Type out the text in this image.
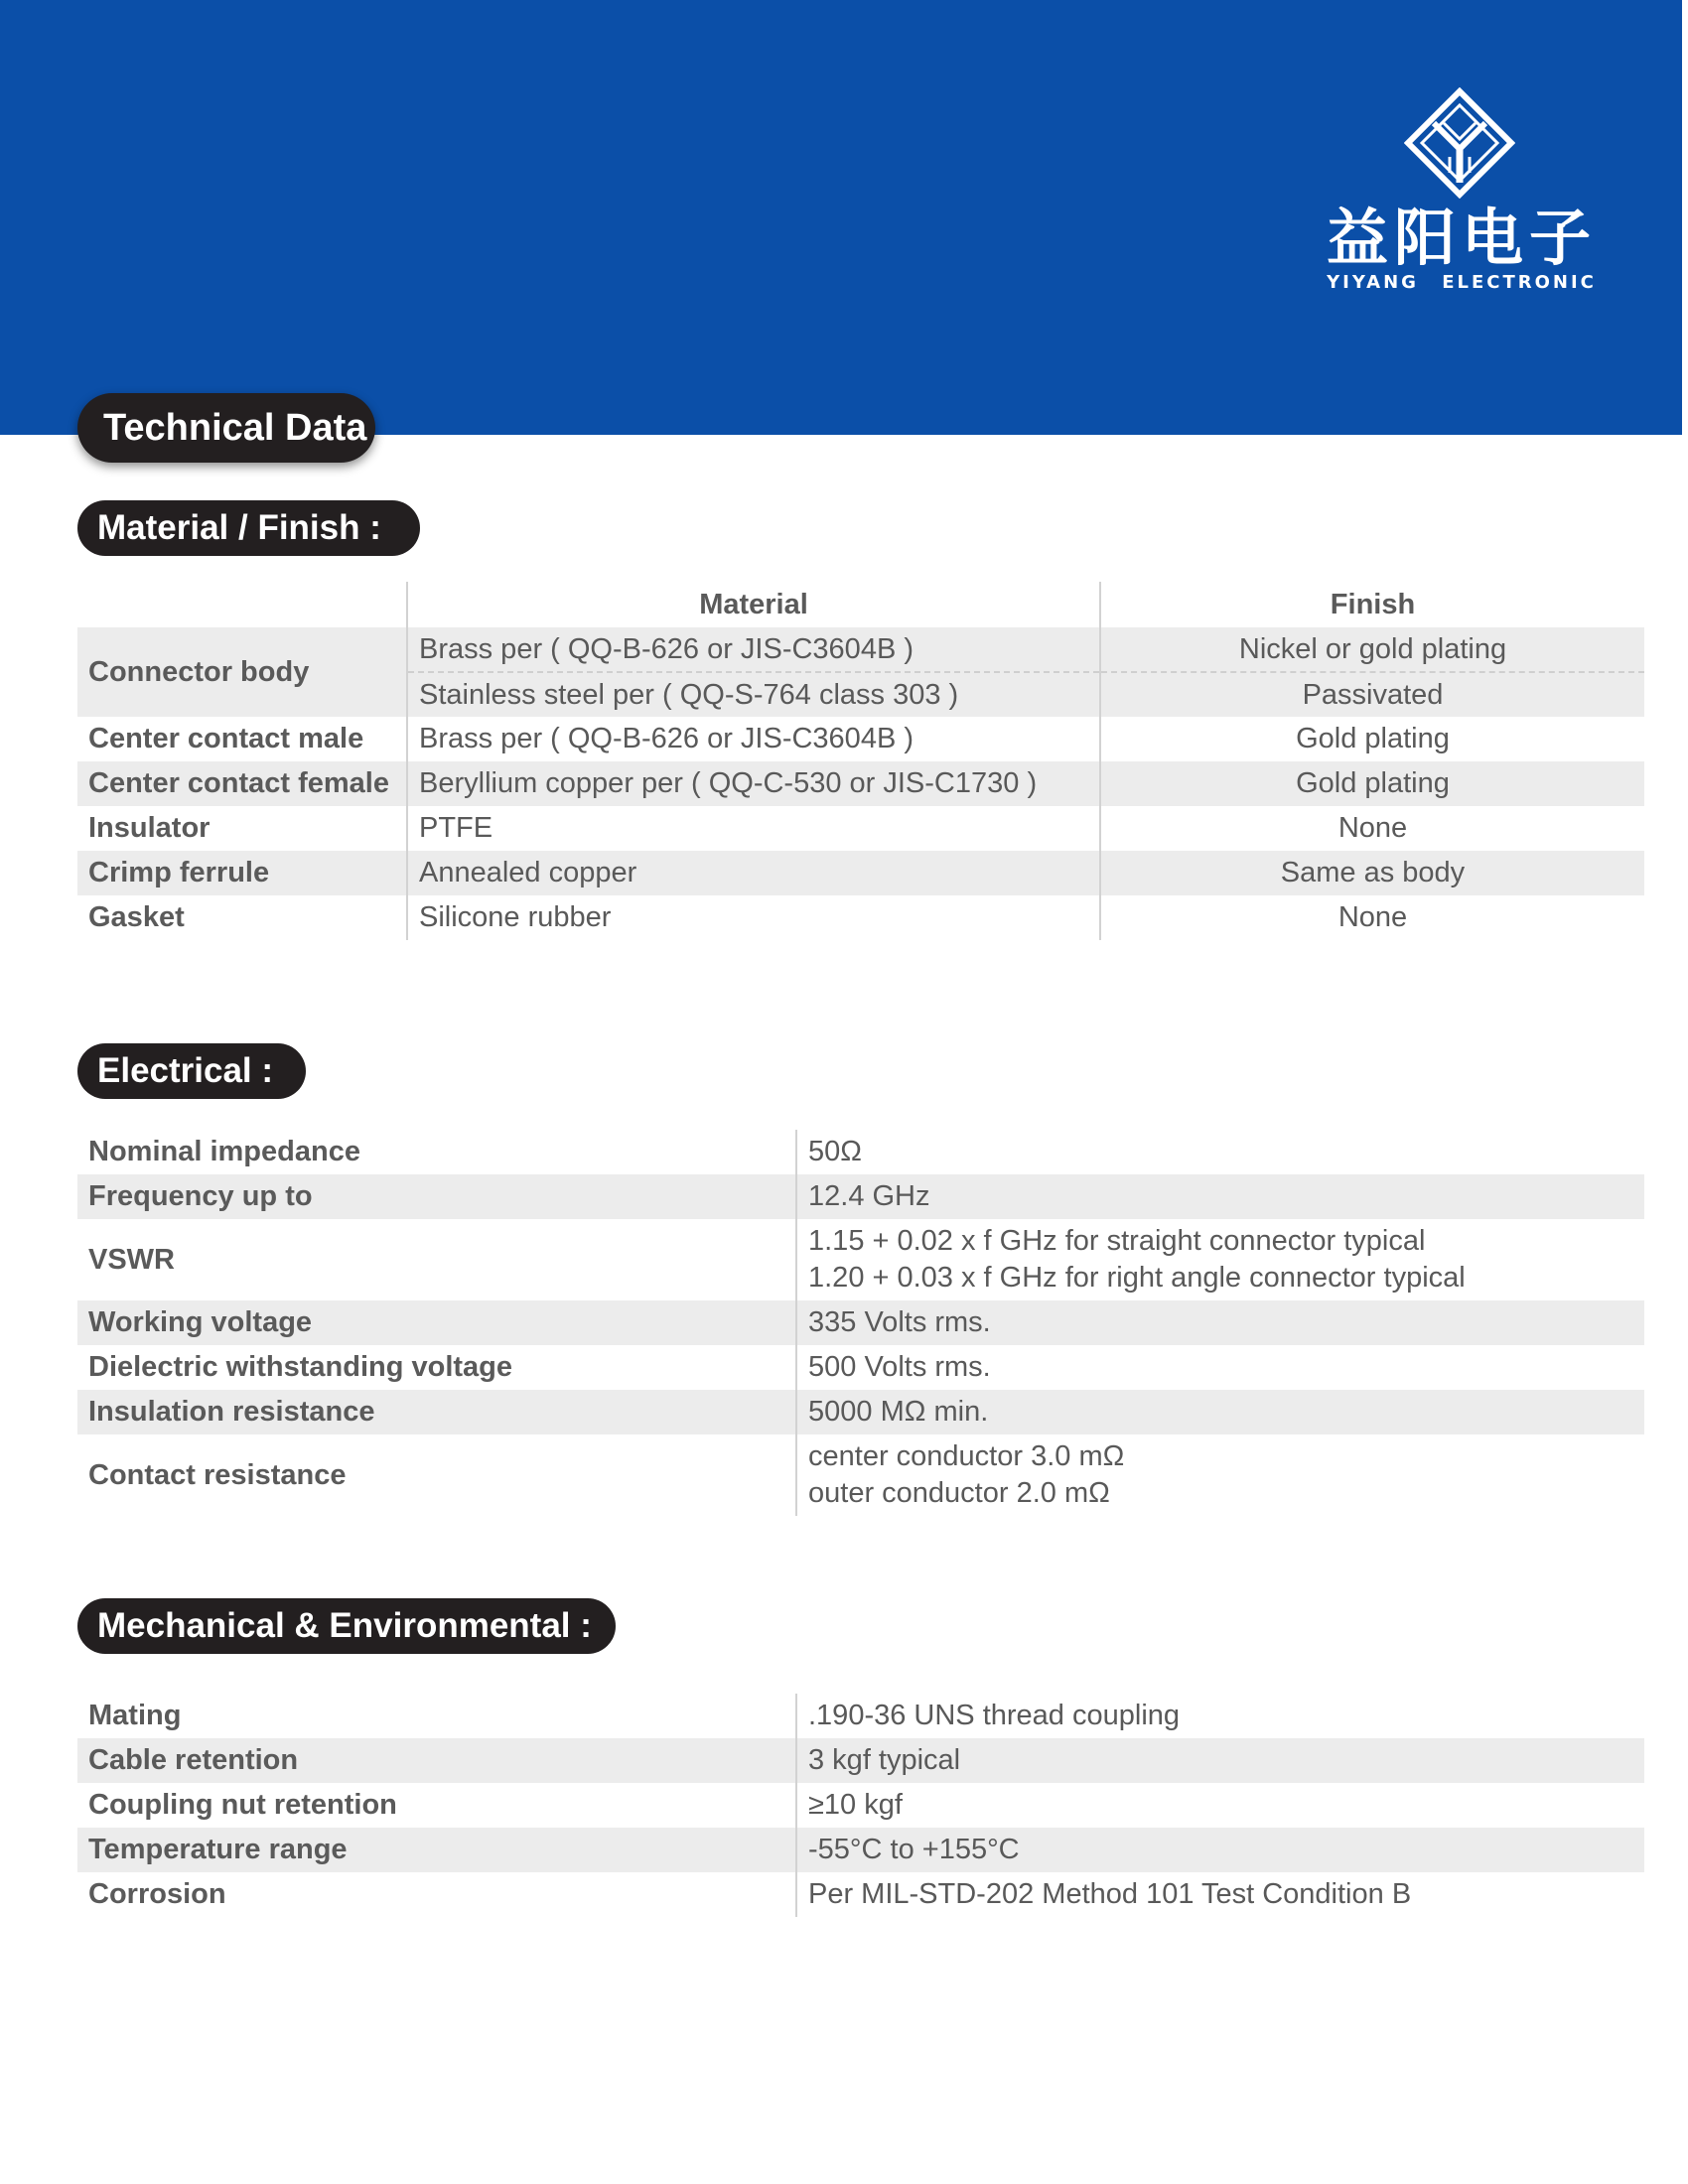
益阳电子
YIYANG ELECTRONIC
Technical Data
Material / Finish :
	Material	Finish
Connector body	Brass per ( QQ-B-626 or JIS-C3604B )	Nickel or gold plating
	Stainless steel per ( QQ-S-764 class 303 )	Passivated
Center contact male	Brass per ( QQ-B-626 or JIS-C3604B )	Gold plating
Center contact female	Beryllium copper per ( QQ-C-530 or JIS-C1730 )	Gold plating
Insulator	PTFE	None
Crimp ferrule	Annealed copper	Same as body
Gasket	Silicone rubber	None
Electrical :
Nominal impedance	50Ω
Frequency up to	12.4 GHz
VSWR	1.15 + 0.02 x f GHz for straight connector typical
1.20 + 0.03 x f GHz for right angle connector typical

Working voltage	335 Volts rms.
Dielectric withstanding voltage	500 Volts rms.
Insulation resistance	5000 MΩ min.
Contact resistance	center conductor 3.0 mΩ
outer conductor 2.0 mΩ
Mechanical & Environmental :
Mating	.190-36 UNS thread coupling
Cable retention	3 kgf typical
Coupling nut retention	≥10 kgf
Temperature range	-55°C to +155°C
Corrosion	Per MIL-STD-202 Method 101 Test Condition B
